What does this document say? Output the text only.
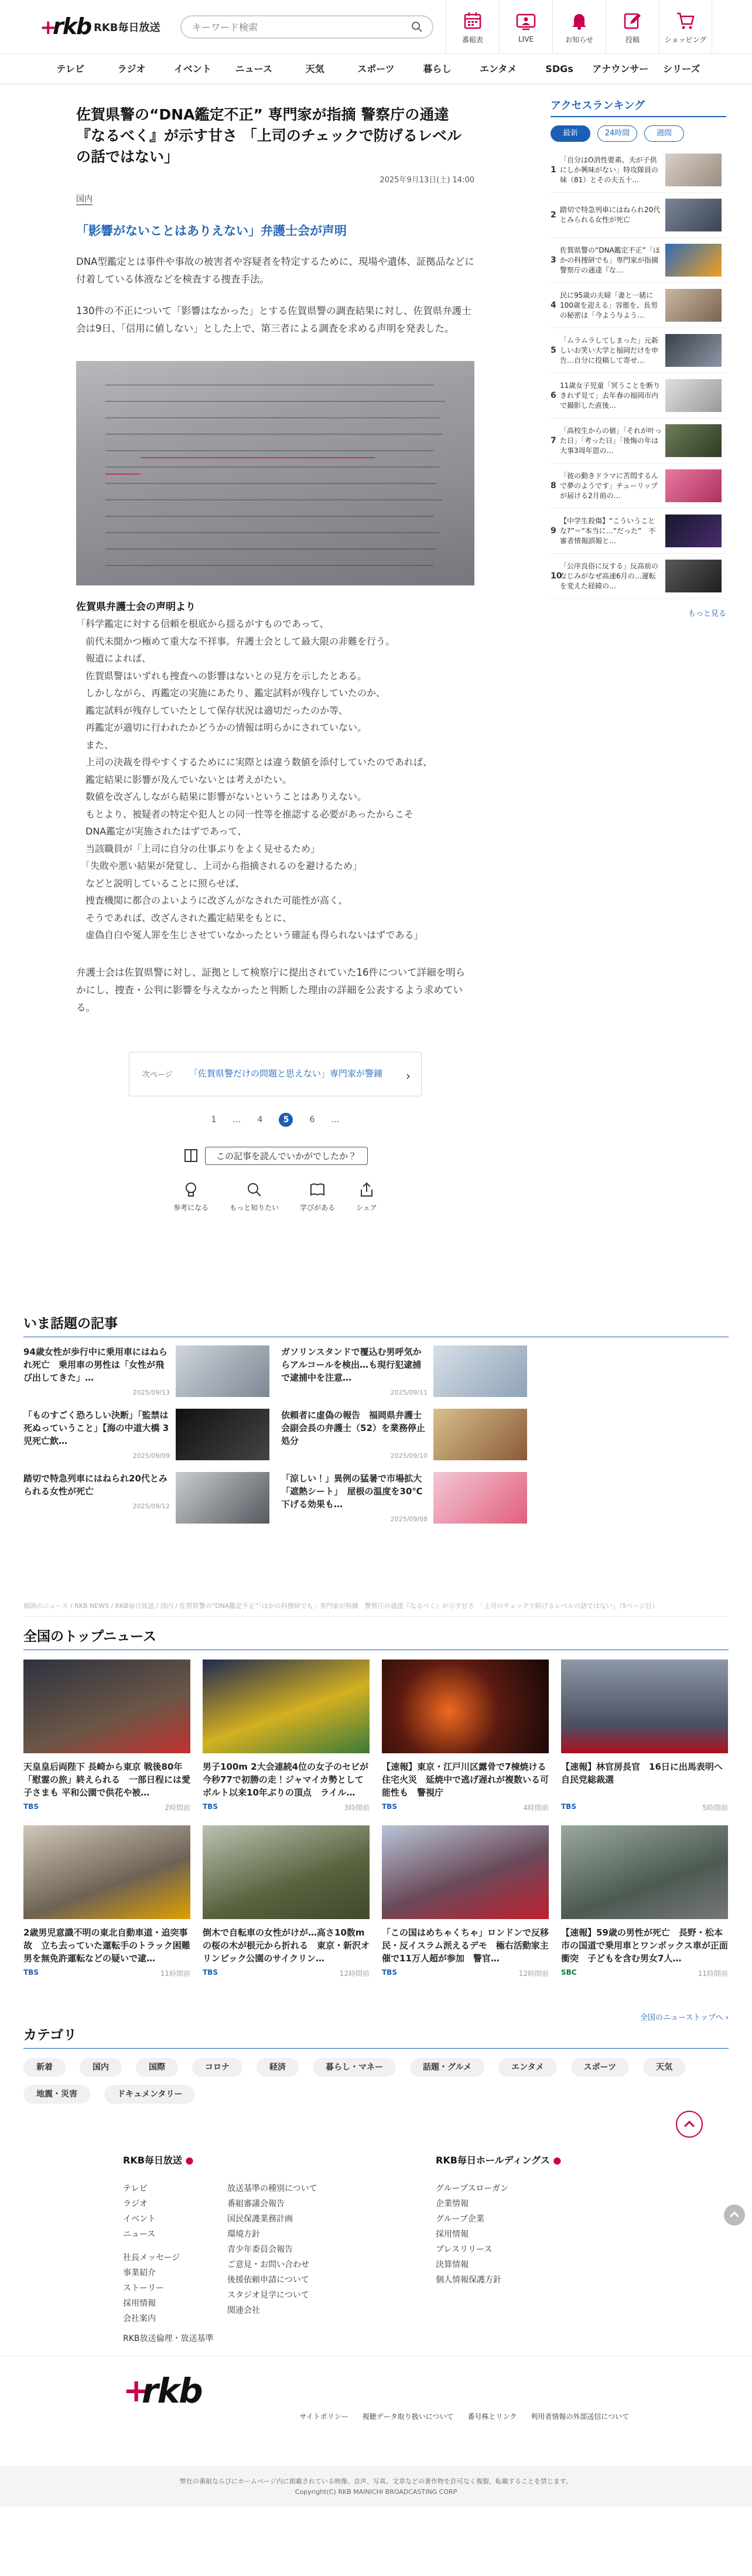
+
rkb RKB毎日放送
キーワード検索
番組表	LIVE	お知らせ	投稿	ショッピング
テレビ	ラジオ	イベント	ニュース	天気	スポーツ	暮らし	エンタメ	SDGs	アナウンサー	シリーズ
佐賀県警の“DNA鑑定不正” 専門家が指摘 警察庁の通達『なるべく』が示す甘さ 「上司のチェックで防げるレベルの話ではない」
2025年9月13日(土) 14:00
国内
「影響がないことはありえない」弁護士会が声明

DNA型鑑定とは事件や事故の被害者や容疑者を特定するために、現場や遺体、証拠品などに付着している体液などを検査する捜査手法。

130件の不正について「影響はなかった」とする佐賀県警の調査結果に対し、佐賀県弁護士会は9日、「信用に値しない」とした上で、第三者による調査を求める声明を発表した。

佐賀県弁護士会の声明より
「科学鑑定に対する信頼を根底から揺るがすものであって、
　前代未聞かつ極めて重大な不祥事。弁護士会として最大限の非難を行う。
　報道によれば、
　佐賀県警はいずれも捜査への影響はないとの見方を示したとある。
　しかしながら、再鑑定の実施にあたり、鑑定試料が残存していたのか、
　鑑定試料が残存していたとして保存状況は適切だったのか等、
　再鑑定が適切に行われたかどうかの情報は明らかにされていない。
　また、
　上司の決裁を得やすくするためにに実際とは違う数値を添付していたのであれば、
　鑑定結果に影響が及んでいないとは考えがたい。
　数値を改ざんしながら結果に影響がないということはありえない。
　もとより、被疑者の特定や犯人との同一性等を推認する必要があったからこそ
　DNA鑑定が実施されたはずであって、
　当該職員が「上司に自分の仕事ぶりをよく見せるため」
　「失敗や悪い結果が発覚し、上司から指摘されるのを避けるため」
　などと説明していることに照らせば、
　捜査機関に都合のよいように改ざんがなされた可能性が高く、
　そうであれば、改ざんされた鑑定結果をもとに、
　虚偽自白や冤人罪を生じさせていなかったという確証も得られないはずである」

弁護士会は佐賀県警に対し、証拠として検察庁に提出されていた16件について詳細を明らかにし、捜査・公判に影響を与えなかったと判断した理由の詳細を公表するよう求めている。

次ページ	「佐賀県警だけの問題と思えない」専門家が警鐘	›
1 … 4	5	6 …
この記事を読んでいかがでしたか？
参考になる	もっと知りたい	学びがある	シェア
アクセスランキング
最新	24時間	週間
1
「自分はO消性要素、夫が子供にしか興味がない」特攻隊員の妹（81）とその夫五十…
2
踏切で特急列車にはねられ20代とみられる女性が死亡
3
佐賀県警の“DNA鑑定不正”「ほかの科捜研でも」専門家が指摘　警察庁の通達『な…
4
民に95歳の夫婦「妻と一緒に100歳を迎える」容態を、長男の秘密は「今よう与よう…
5
「ムラムラしてしまった」元新しいお笑い大学と福岡だけを申告…自分に投稿して寄せ…
6
11歳女子児童「冥うことを断りきれず見て」去年春の福岡市内で撮影した直後…
7
「高校生からの値」「それが叶った日」「考った日」「後悔の年は大事3周年恩の…
8
「彼の動きドラマに苦悶するんで夢のようです」チューリップが届ける2月前の…
9
【中学生殺傷】“こういうことな?”＝“本当に…“だった”　不審者情報誤報と…
10
「公序良俗に反する」反高前のなじみがなぜ高速6月の…運転を変えた経緯の…
もっと見る
いま話題の記事
94歳女性が歩行中に乗用車にはねられ死亡　乗用車の男性は「女性が飛び出してきた」…
2025/09/13
ガソリンスタンドで覆込む男呼気からアルコールを検出…も現行犯逮捕で逮捕中を注意…
2025/09/11
「ものすごく恐ろしい決断」「監禁は死ぬっていうこと」【海の中道大橋 3児死亡飲…
2025/09/09
依頼者に虚偽の報告　福岡県弁護士会副会長の弁護士（52）を業務停止処分
2025/09/10
踏切で特急列車にはねられ20代とみられる女性が死亡
2025/09/12
「涼しい！」異例の猛暑で市場拡大「遮熱シート」　屋根の温度を30℃下げる効果も…
2025/09/08
福岡のニュース / RKB NEWS / RKB毎日放送 / 国内 / 佐賀県警の“DNA鑑定不正”「ほかの科捜研でも」専門家が指摘　警察庁の通達『なるべく』が示す甘さ　「上司のチェックで防げるレベルの話ではない」（5ページ目）
全国のトップニュース
天皇皇后両陛下 長崎から東京 戦後80年「慰霊の旅」終えられる　一部日程には愛子さまも 平和公園で供花や被…
TBS	2時間前
男子100m 2大会連続4位の女子のセビが今秒77で初勝の走！ジャマイカ勢として　ボルト以来10年ぶりの頂点　ライル…
TBS	3時間前
【速報】東京・江戸川区露骨で7棟焼ける住宅火災　延焼中で逃げ遅れが複数いる可能性も　警視庁
TBS	4時間前
【速報】林官房長官　16日に出馬表明へ　自民党総裁選
TBS	5時間前
2歳男児意識不明の東北自動車道・追突事故　立ち去っていた運転手のトラック困難男を無免許運転などの疑いで逮…
TBS	11時間前
倒木で自転車の女性がけが…高さ10数mの桜の木が根元から折れる　東京・新沢オリンピック公園のサイクリン…
TBS	12時間前
「この国はめちゃくちゃ」ロンドンで反移民・反イスラム派えるデモ　極右活動家主催で11万人超が参加　警官…
TBS	12時間前
【速報】59歳の男性が死亡　長野・松本市の国道で乗用車とワンボックス車が正面衝突　子どもを含む男女7人…
SBC	11時間前
全国のニューストップへ ›
カテゴリ
新着	国内	国際	コロナ	経済	暮らし・マネー	話題・グルメ	エンタメ	スポーツ	天気
地震・災害	ドキュメンタリー
RKB毎日放送 ●
テレビ
ラジオ
イベント
ニュース
放送基準の種別について
番組審議会報告
国民保護業務計画
環境方針
青少年委員会報告
ご意見・お問い合わせ
後援依頼申請について
スタジオ見学について
関連会社
社長メッセージ
事業紹介
ストーリー
採用情報
会社案内
RKB放送倫理・放送基準
RKB毎日ホールディングス ●
グループスローガン
企業情報
グループ企業
採用情報
プレスリリース
決算情報
個人情報保護方針
+
rkb
サイトポリシー 視聴データ取り扱いについて 番号株とリンク 利用者情報の外部送信について
弊社の番組ならびにホームページ内に掲載されている映像、音声、写真、文章などの著作物を許可なく複製、転載することを禁じます。
Copyright(C) RKB MAINICHI BROADCASTING CORP
